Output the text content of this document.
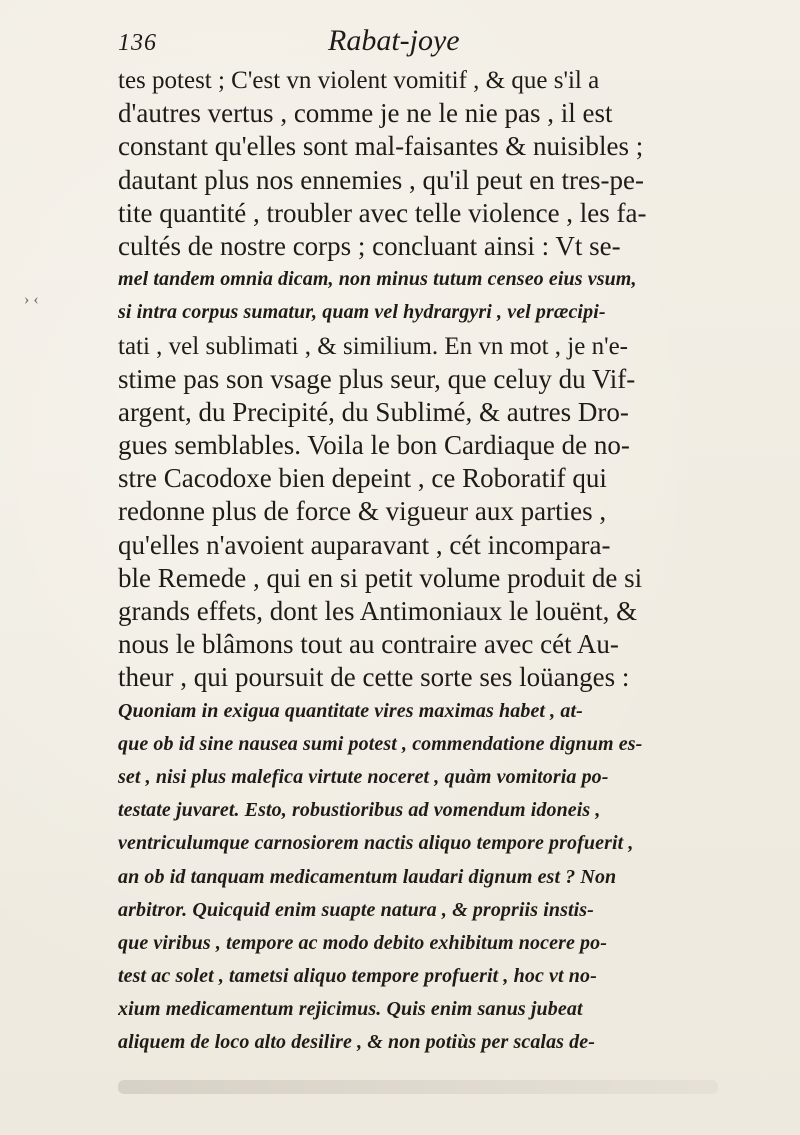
136	Rabat-joye
› ‹
tes potest ; C'est vn violent vomitif , & que s'il a
d'autres vertus , comme je ne le nie pas , il est
constant qu'elles sont mal-faisantes & nuisibles ;
dautant plus nos ennemies , qu'il peut en tres-pe-
tite quantité , troubler avec telle violence , les fa-
cultés de nostre corps ; concluant ainsi : Vt se-
mel tandem omnia dicam, non minus tutum censeo eius vsum,
si intra corpus sumatur, quam vel hydrargyri , vel præcipi-
tati , vel sublimati , & similium. En vn mot , je n'e-
stime pas son vsage plus seur, que celuy du Vif-
argent, du Precipité, du Sublimé, & autres Dro-
gues semblables. Voila le bon Cardiaque de no-
stre Cacodoxe bien depeint , ce Roboratif qui
redonne plus de force & vigueur aux parties ,
qu'elles n'avoient auparavant , cét incompara-
ble Remede , qui en si petit volume produit de si
grands effets, dont les Antimoniaux le louënt, &
nous le blâmons tout au contraire avec cét Au-
theur , qui poursuit de cette sorte ses loüanges :
Quoniam in exigua quantitate vires maximas habet , at-
que ob id sine nausea sumi potest , commendatione dignum es-
set , nisi plus malefica virtute noceret , quàm vomitoria po-
testate juvaret. Esto, robustioribus ad vomendum idoneis ,
ventriculumque carnosiorem nactis aliquo tempore profuerit ,
an ob id tanquam medicamentum laudari dignum est ? Non
arbitror. Quicquid enim suapte natura , & propriis instis-
que viribus , tempore ac modo debito exhibitum nocere po-
test ac solet , tametsi aliquo tempore profuerit , hoc vt no-
xium medicamentum rejicimus. Quis enim sanus jubeat
aliquem de loco alto desilire , & non potiùs per scalas de-
